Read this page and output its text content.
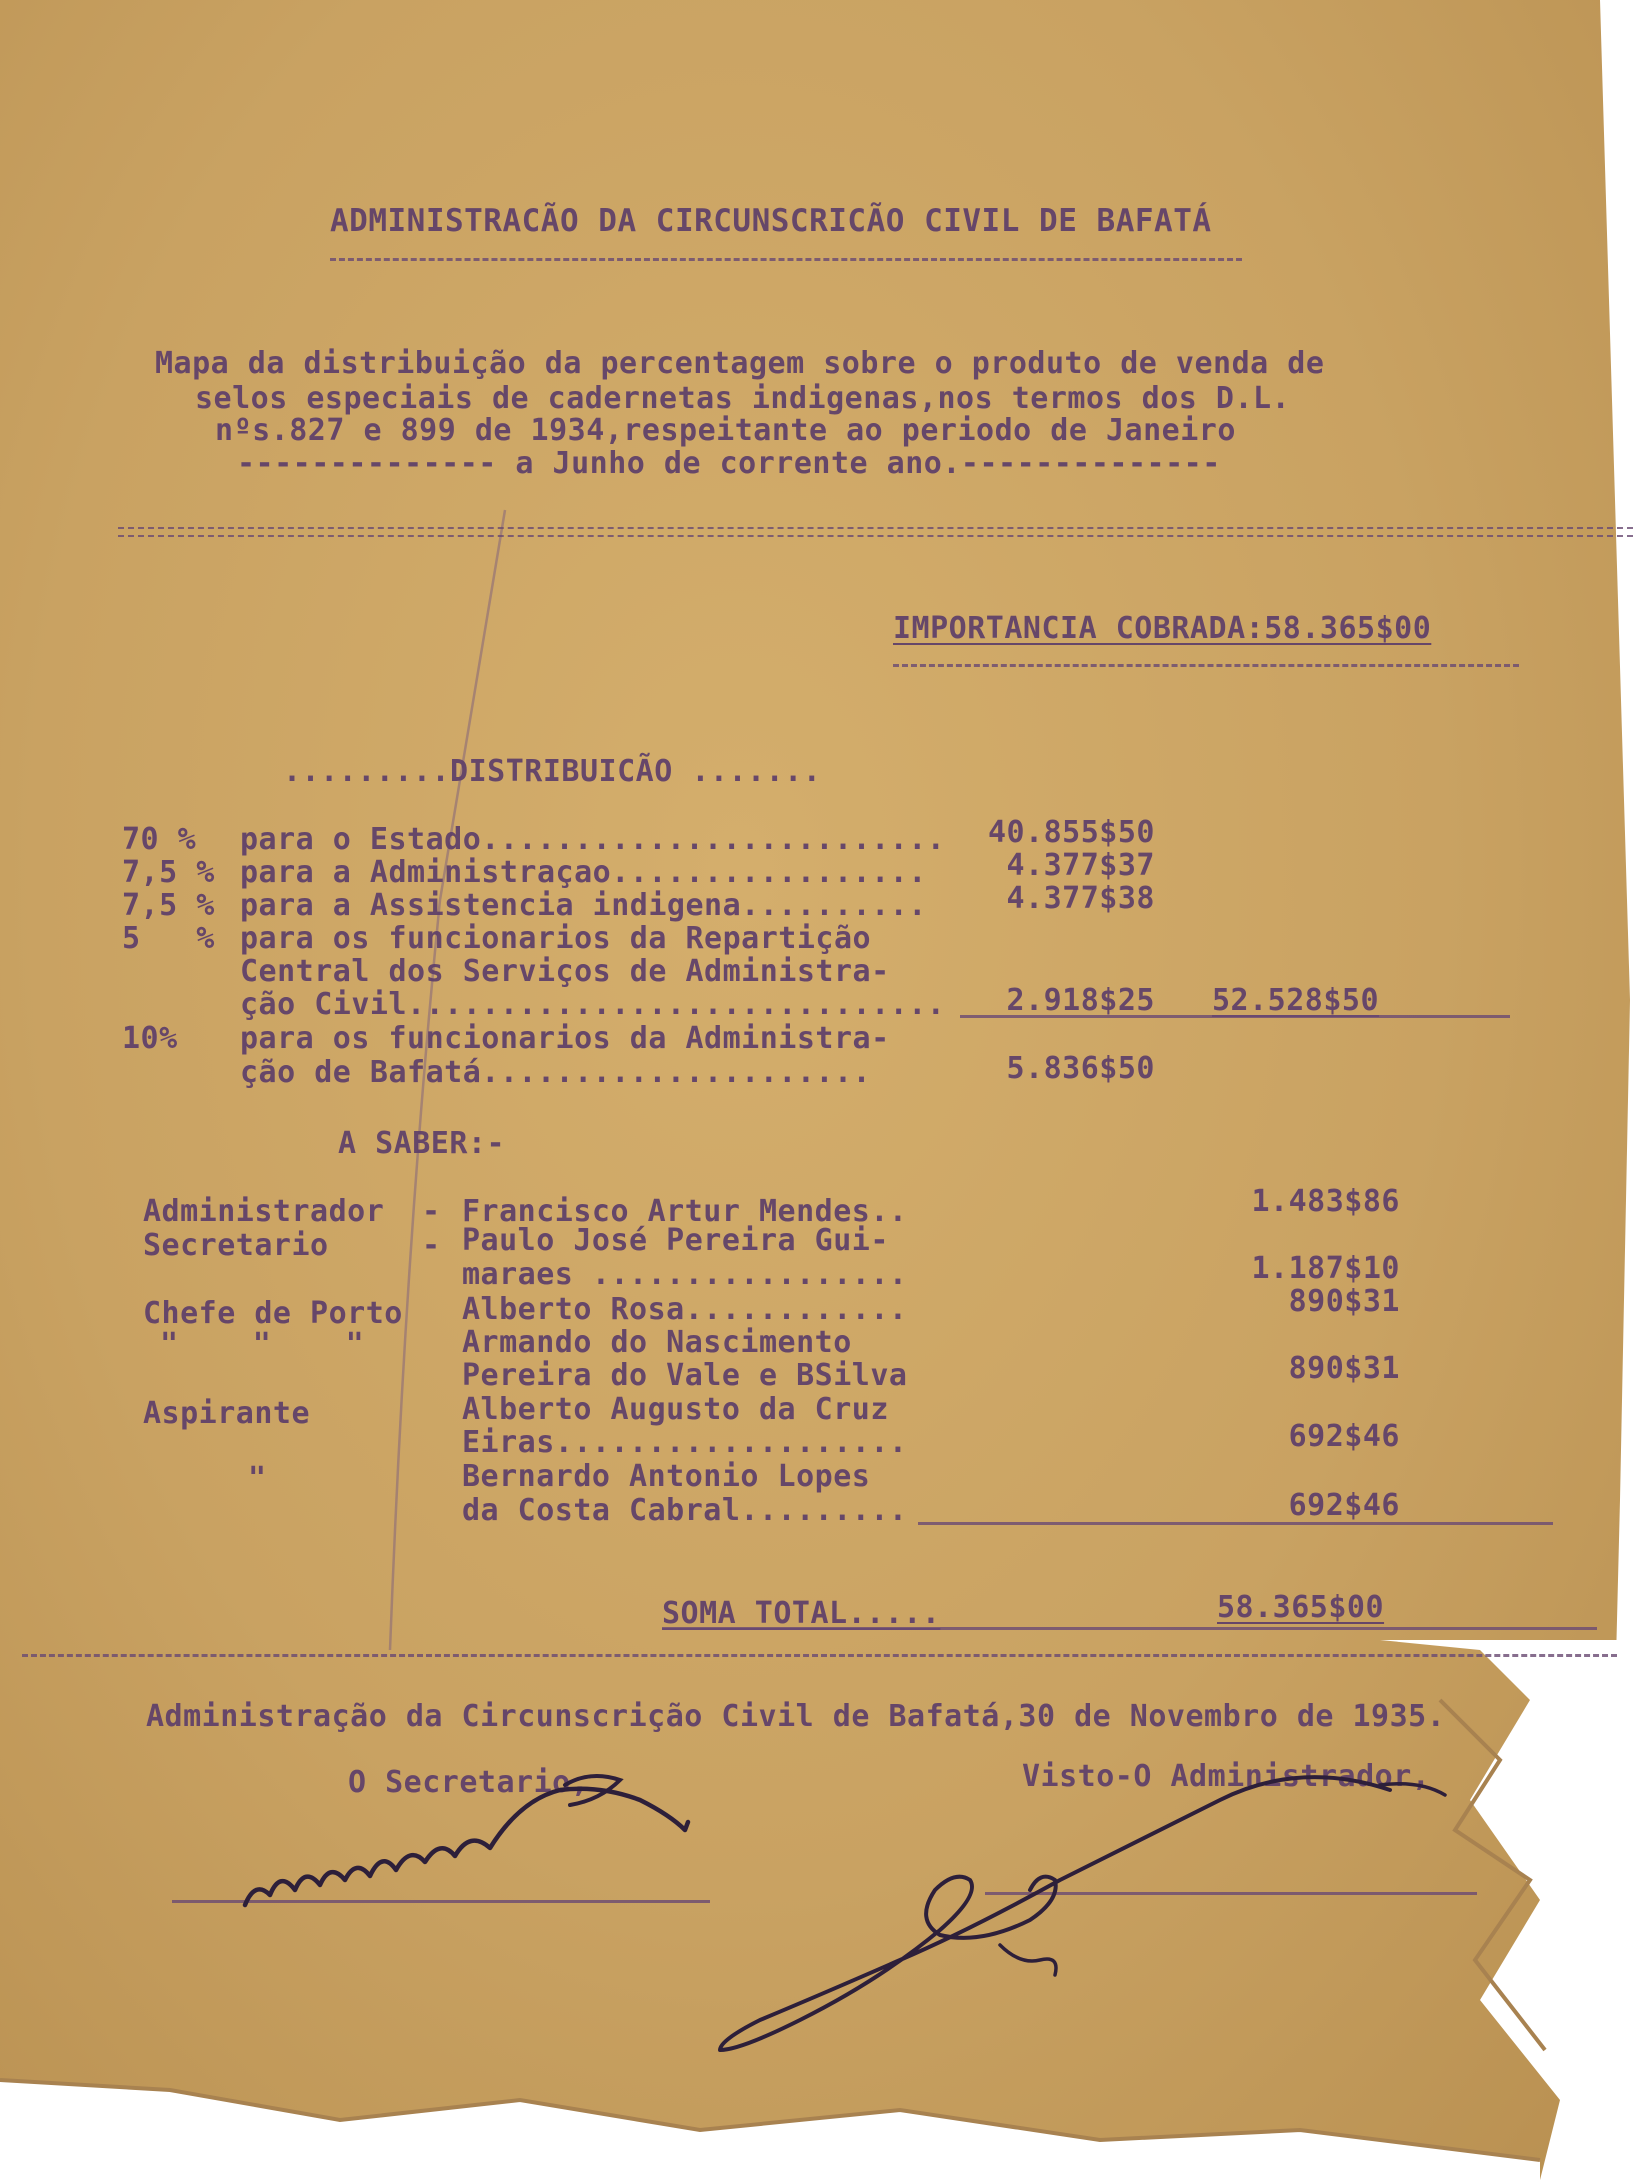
ADMINISTRACÃO DA CIRCUNSCRICÃO CIVIL DE BAFATÁ
Mapa da distribuição da percentagem sobre o produto de venda de
selos especiais de cadernetas indigenas,nos termos dos D.L.
nºs.827 e 899 de 1934,respeitante ao periodo de Janeiro
-------------- a Junho de corrente ano.--------------
IMPORTANCIA COBRADA:58.365$00
.........DISTRIBUICÃO .......
70 % para o Estado.........................	40.855$50
7,5 % para a Administraçao.................	4.377$37
7,5 % para a Assistencia indigena..........	4.377$38
5   % para os funcionarios da Repartição
Central dos Serviços de Administra-
ção Civil.............................	2.918$25 52.528$50
10% para os funcionarios da Administra-
ção de Bafatá.....................	5.836$50
A SABER:-
Administrador - Francisco Artur Mendes..	1.483$86
Secretario	- Paulo José Pereira Gui-
maraes .................	1.187$10
Chefe de Porto Alberto Rosa............	890$31
"    "    "	Armando do Nascimento
Pereira do Vale e BSilva	890$31
Aspirante	Alberto Augusto da Cruz
Eiras...................	692$46
"	Bernardo Antonio Lopes
da Costa Cabral.........	692$46
SOMA TOTAL.....	58.365$00
Administração da Circunscrição Civil de Bafatá,30 de Novembro de 1935.
O Secretario,	Visto-O Administrador,
